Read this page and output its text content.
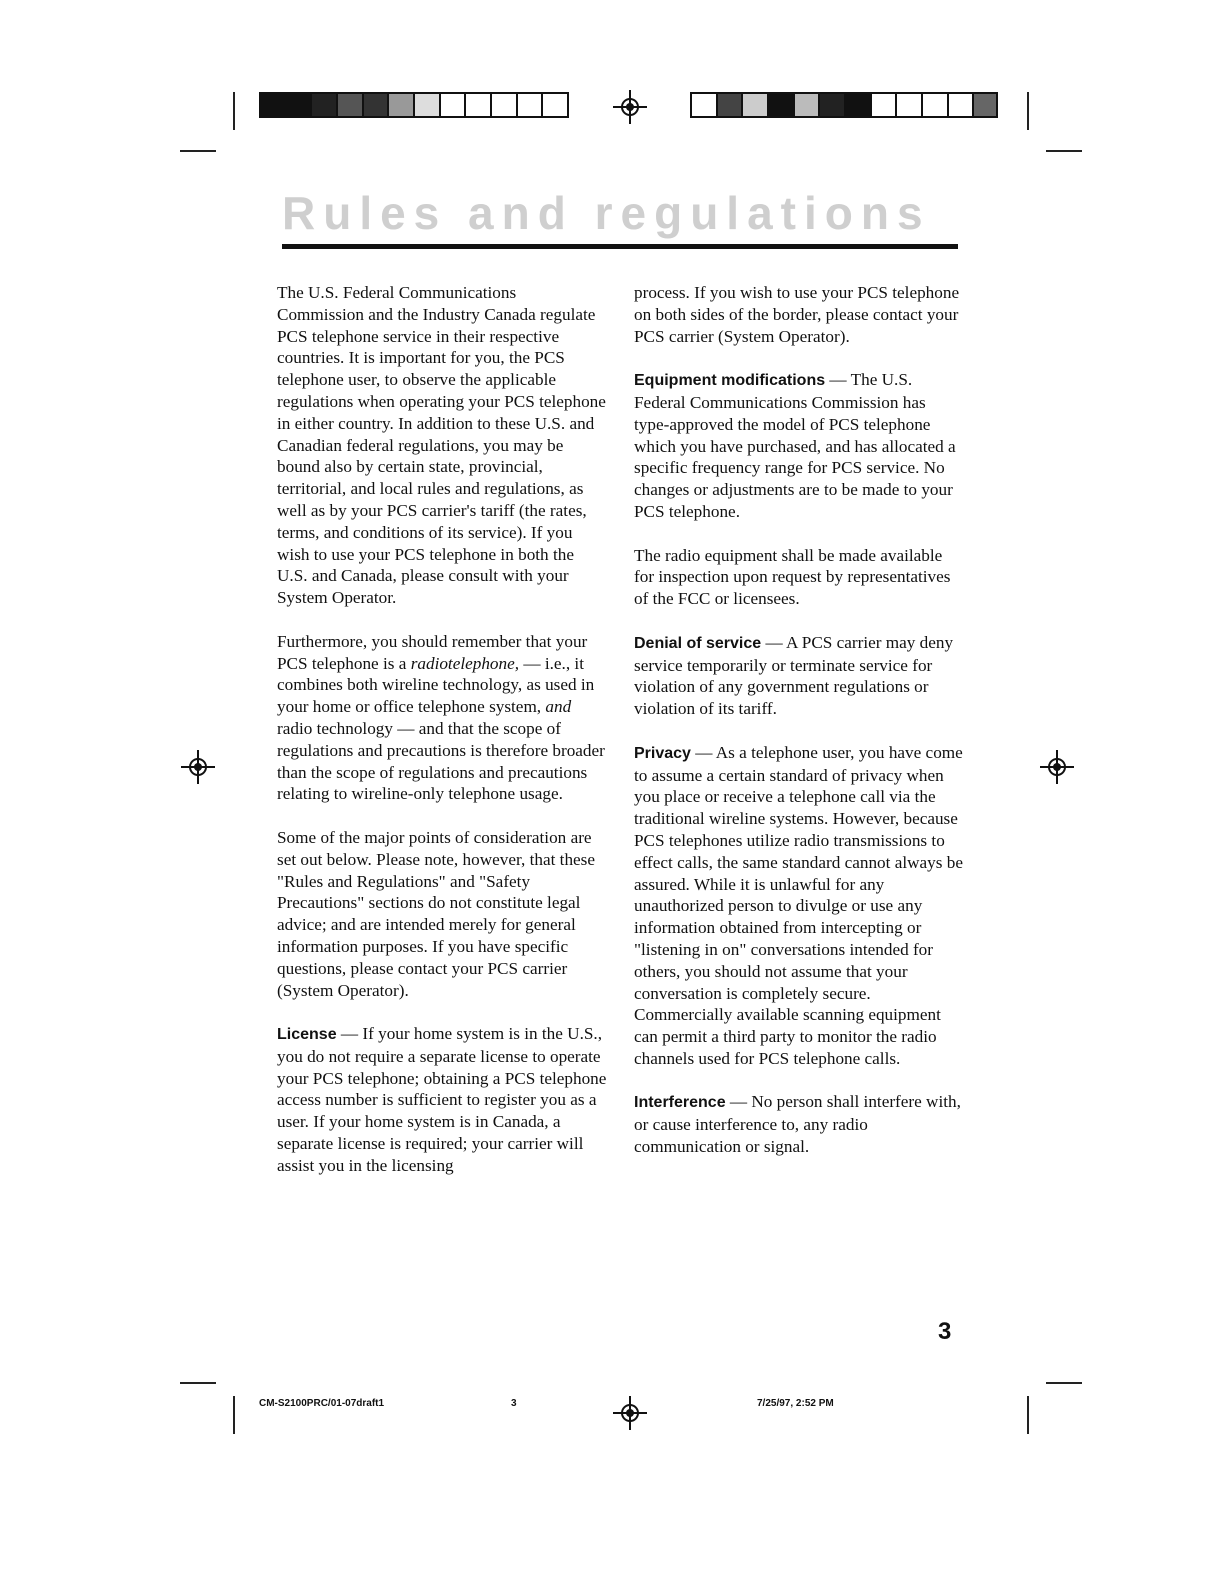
Rules and regulations

The U.S. Federal Communications Commission and the Industry Canada regulate PCS telephone service in their respective countries. It is important for you, the PCS telephone user, to observe the applicable regulations when operating your PCS telephone in either country. In addition to these U.S. and Canadian federal regulations, you may be bound also by certain state, provincial, territorial, and local rules and regulations, as well as by your PCS carrier's tariff (the rates, terms, and conditions of its service). If you wish to use your PCS telephone in both the U.S. and Canada, please consult with your System Operator.

Furthermore, you should remember that your PCS telephone is a radiotelephone, — i.e., it combines both wireline technology, as used in your home or office telephone system, and radio technology — and that the scope of regulations and precautions is therefore broader than the scope of regulations and precautions relating to wireline-only telephone usage.

Some of the major points of consideration are set out below. Please note, however, that these "Rules and Regulations" and "Safety Precautions" sections do not constitute legal advice; and are intended merely for general information purposes. If you have specific questions, please contact your PCS carrier (System Operator).

License — If your home system is in the U.S., you do not require a separate license to operate your PCS telephone; obtaining a PCS telephone access number is sufficient to register you as a user. If your home system is in Canada, a separate license is required; your carrier will assist you in the licensing

process. If you wish to use your PCS telephone on both sides of the border, please contact your PCS carrier (System Operator).

Equipment modifications — The U.S. Federal Communications Commission has type-approved the model of PCS telephone which you have purchased, and has allocated a specific frequency range for PCS service. No changes or adjustments are to be made to your PCS telephone.

The radio equipment shall be made available for inspection upon request by representatives of the FCC or licensees.

Denial of service — A PCS carrier may deny service temporarily or terminate service for violation of any government regulations or violation of its tariff.

Privacy — As a telephone user, you have come to assume a certain standard of privacy when you place or receive a telephone call via the traditional wireline systems. However, because PCS telephones utilize radio transmissions to effect calls, the same standard cannot always be assured. While it is unlawful for any unauthorized person to divulge or use any information obtained from intercepting or "listening in on" conversations intended for others, you should not assume that your conversation is completely secure. Commercially available scanning equipment can permit a third party to monitor the radio channels used for PCS telephone calls.

Interference — No person shall interfere with, or cause interference to, any radio communication or signal.

3
CM-S2100PRC/01-07draft1	3	7/25/97, 2:52 PM
